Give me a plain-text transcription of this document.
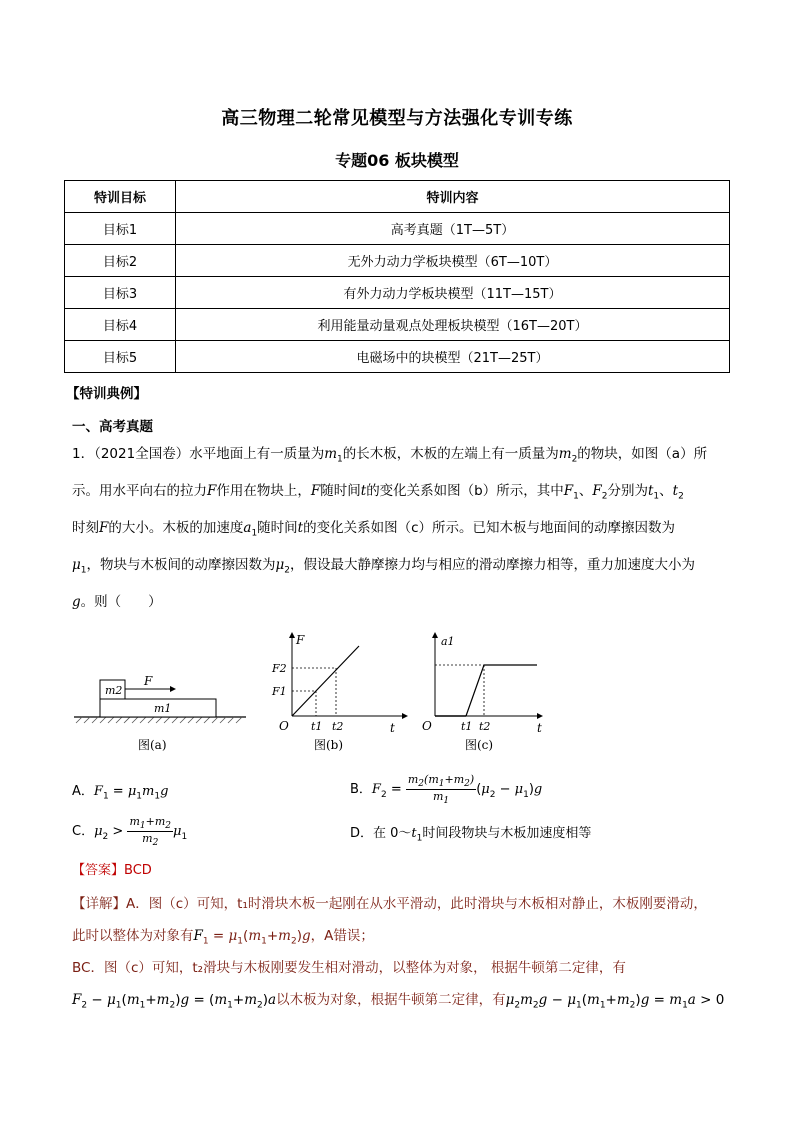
高三物理二轮常见模型与方法强化专训专练
专题06 板块模型
特训目标	特训内容
目标1	高考真题（1T—5T）
目标2	无外力动力学板块模型（6T—10T）
目标3	有外力动力学板块模型（11T—15T）
目标4	利用能量动量观点处理板块模型（16T—20T）
目标5	电磁场中的块模型（21T—25T）
【特训典例】
一、高考真题
1．（2021全国卷）水平地面上有一质量为$m_1$的长木板，木板的左端上有一质量为$m_2$的物块，如图（a）所
示。用水平向右的拉力F作用在物块上，F随时间t的变化关系如图（b）所示，其中$F_1$、$F_2$分别为$t_1$、$t_2$
时刻F的大小。木板的加速度$a_1$随时间t的变化关系如图（c）所示。已知木板与地面间的动摩擦因数为
$\mu_1$，物块与木板间的动摩擦因数为$\mu_2$，假设最大静摩擦力均与相应的滑动摩擦力相等，重力加速度大小为
g。则（　　）
m2
m1
F
图(a)
F
t
O
F2
F1
t1 t2
图(b)
a1
t
O	t1 t2
图(c)
A．$F_1 = \mu_1m_1g$	B．$F_2 = \frac{m_2(m_1+m_2)}{m_1} (\mu_2 - \mu_1)g$
C．$\mu_2 > \frac{m_1+m_2}{m_2} \mu_1$	D．在 $0\sim t_1$时间段物块与木板加速度相等
【答案】BCD
【详解】A．图（c）可知，t₁时滑块木板一起刚在从水平滑动，此时滑块与木板相对静止，木板刚要滑动，
此时以整体为对象有$F_1 = \mu_1(m_1+m_2)g$，A错误；
BC．图（c）可知，t₂滑块与木板刚要发生相对滑动，以整体为对象， 根据牛顿第二定律，有
$F_2 - \mu_1(m_1+m_2)g = (m_1+m_2)a$以木板为对象，根据牛顿第二定律，有$\mu_2m_2g - \mu_1(m_1+m_2)g = m_1a > 0$
